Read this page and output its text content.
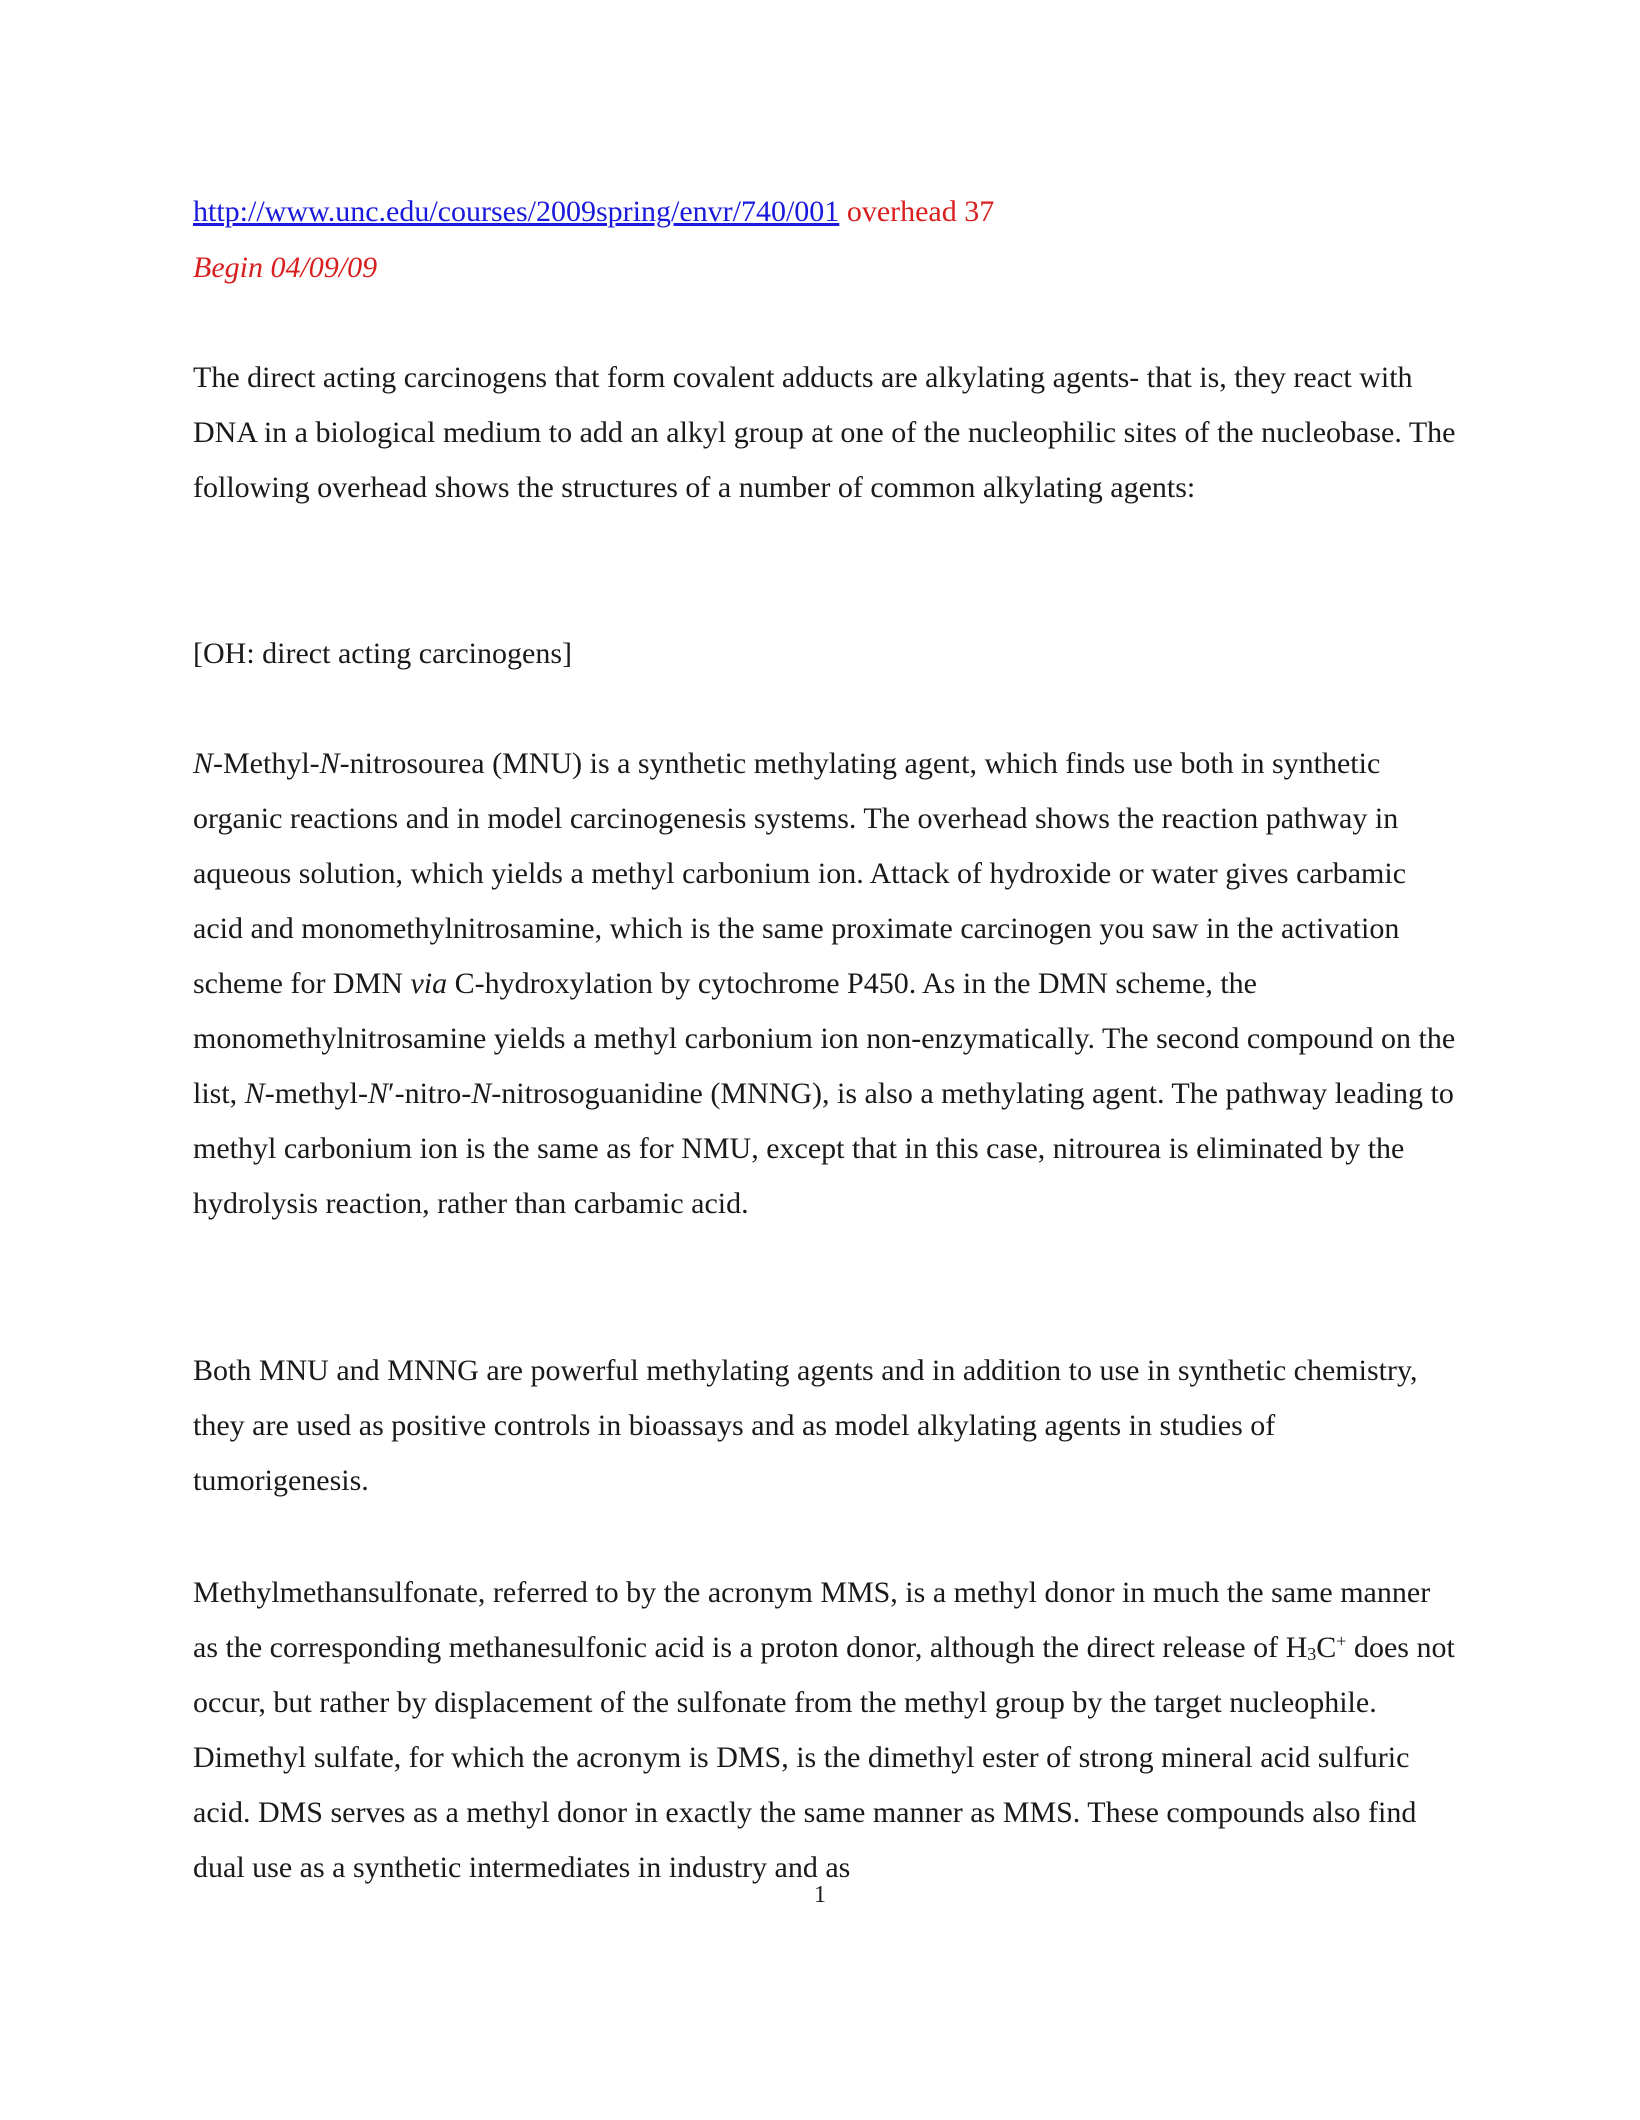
http://www.unc.edu/courses/2009spring/envr/740/001 overhead 37

Begin 04/09/09

The direct acting carcinogens that form covalent adducts are alkylating agents- that is, they react with DNA in a biological medium to add an alkyl group at one of the nucleophilic sites of the nucleobase. The following overhead shows the structures of a number of common alkylating agents:

[OH: direct acting carcinogens]

N-Methyl-N-nitrosourea (MNU) is a synthetic methylating agent, which finds use both in synthetic organic reactions and in model carcinogenesis systems. The overhead shows the reaction pathway in aqueous solution, which yields a methyl carbonium ion. Attack of hydroxide or water gives carbamic acid and monomethylnitrosamine, which is the same proximate carcinogen you saw in the activation scheme for DMN via C-hydroxylation by cytochrome P450. As in the DMN scheme, the monomethylnitrosamine yields a methyl carbonium ion non-enzymatically. The second compound on the list, N-methyl-N′-nitro-N-nitrosoguanidine (MNNG), is also a methylating agent. The pathway leading to methyl carbonium ion is the same as for NMU, except that in this case, nitrourea is eliminated by the hydrolysis reaction, rather than carbamic acid.

Both MNU and MNNG are powerful methylating agents and in addition to use in synthetic chemistry, they are used as positive controls in bioassays and as model alkylating agents in studies of tumorigenesis.

Methylmethansulfonate, referred to by the acronym MMS, is a methyl donor in much the same manner as the corresponding methanesulfonic acid is a proton donor, although the direct release of $H_3C^+$ does not occur, but rather by displacement of the sulfonate from the methyl group by the target nucleophile. Dimethyl sulfate, for which the acronym is DMS, is the dimethyl ester of strong mineral acid sulfuric acid. DMS serves as a methyl donor in exactly the same manner as MMS. These compounds also find dual use as a synthetic intermediates in industry and as

1
